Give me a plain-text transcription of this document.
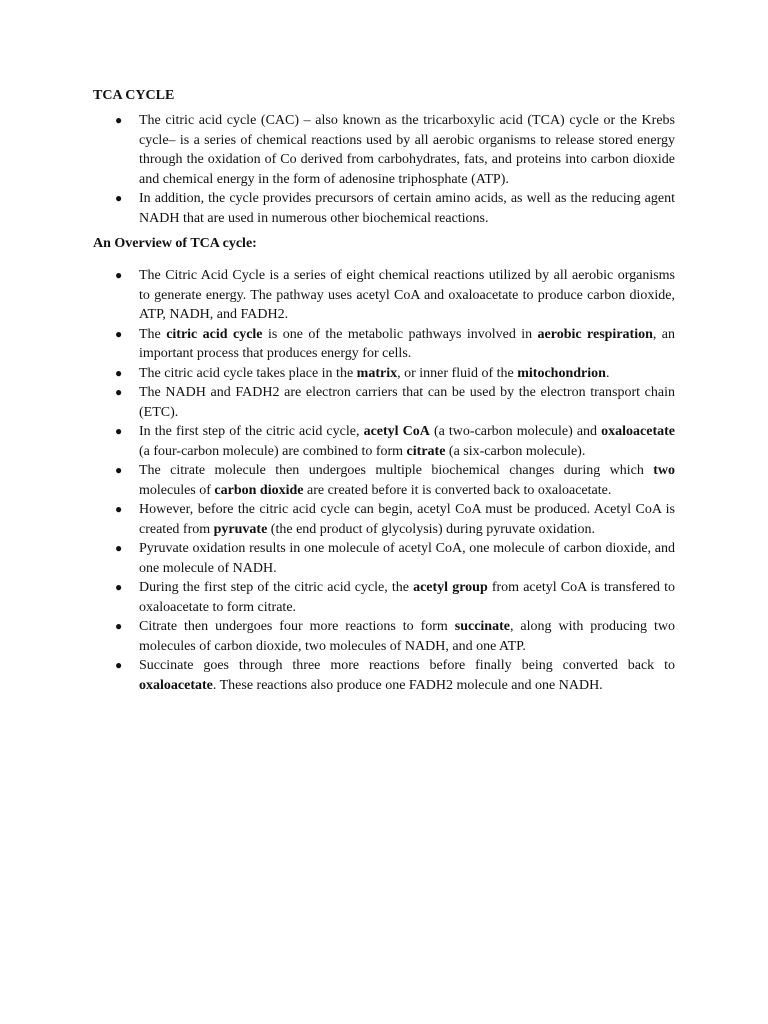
TCA CYCLE
● The citric acid cycle (CAC) – also known as the tricarboxylic acid (TCA) cycle or the Krebs cycle– is a series of chemical reactions used by all aerobic organisms to release stored energy through the oxidation of Co derived from carbohydrates, fats, and proteins into carbon dioxide and chemical energy in the form of adenosine triphosphate (ATP).
● In addition, the cycle provides precursors of certain amino acids, as well as the reducing agent NADH that are used in numerous other biochemical reactions.
An Overview of TCA cycle:
● The Citric Acid Cycle is a series of eight chemical reactions utilized by all aerobic organisms to generate energy. The pathway uses acetyl CoA and oxaloacetate to produce carbon dioxide, ATP, NADH, and FADH2.
● The citric acid cycle is one of the metabolic pathways involved in aerobic respiration, an important process that produces energy for cells.
● The citric acid cycle takes place in the matrix, or inner fluid of the mitochondrion.
● The NADH and FADH2 are electron carriers that can be used by the electron transport chain (ETC).
● In the first step of the citric acid cycle, acetyl CoA (a two-carbon molecule) and oxaloacetate (a four-carbon molecule) are combined to form citrate (a six-carbon molecule).
● The citrate molecule then undergoes multiple biochemical changes during which two molecules of carbon dioxide are created before it is converted back to oxaloacetate.
● However, before the citric acid cycle can begin, acetyl CoA must be produced. Acetyl CoA is created from pyruvate (the end product of glycolysis) during pyruvate oxidation.
● Pyruvate oxidation results in one molecule of acetyl CoA, one molecule of carbon dioxide, and one molecule of NADH.
● During the first step of the citric acid cycle, the acetyl group from acetyl CoA is transfered to oxaloacetate to form citrate.
● Citrate then undergoes four more reactions to form succinate, along with producing two molecules of carbon dioxide, two molecules of NADH, and one ATP.
● Succinate goes through three more reactions before finally being converted back to oxaloacetate. These reactions also produce one FADH2 molecule and one NADH.
